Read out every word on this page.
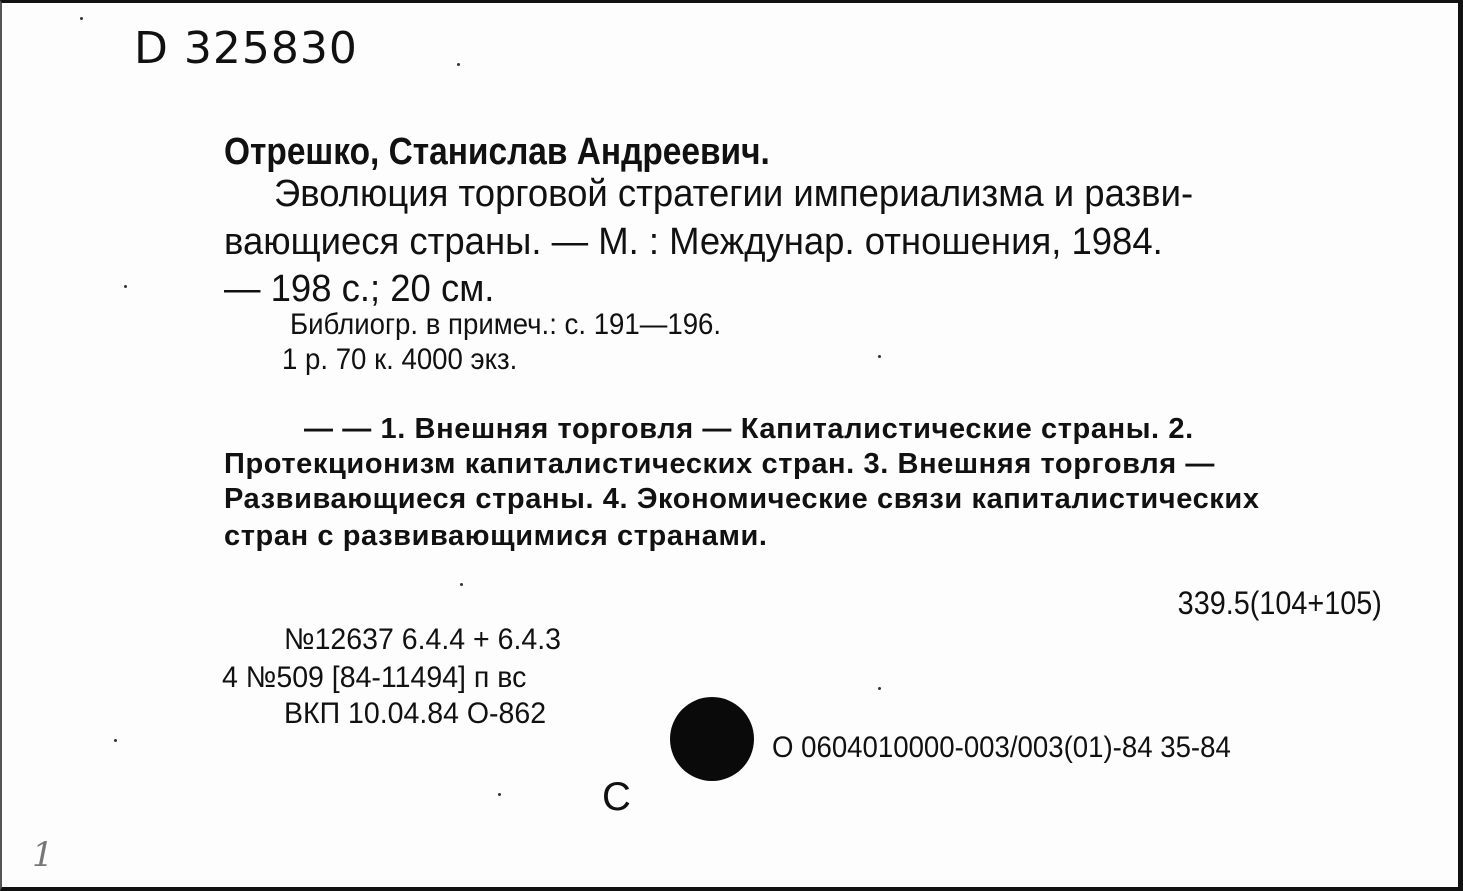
D 325830
Отрешко, Станислав Андреевич.
Эволюция торговой стратегии империализма и разви-
вающиеся страны. — М. : Междунар. отношения, 1984.
— 198 с.; 20 см.
Библиогр. в примеч.: с. 191—196.
1 р. 70 к. 4000 экз.
— — 1. Внешняя торговля — Капиталистические страны. 2.
Протекционизм капиталистических стран. 3. Внешняя торговля —
Развивающиеся страны. 4. Экономические связи капиталистических
стран с развивающимися странами.
339.5(104+105)
№12637 6.4.4 + 6.4.3
4 №509 [84-11494] п вс
ВКП 10.04.84 О-862
О 0604010000-003/003(01)-84 35-84
С
1
